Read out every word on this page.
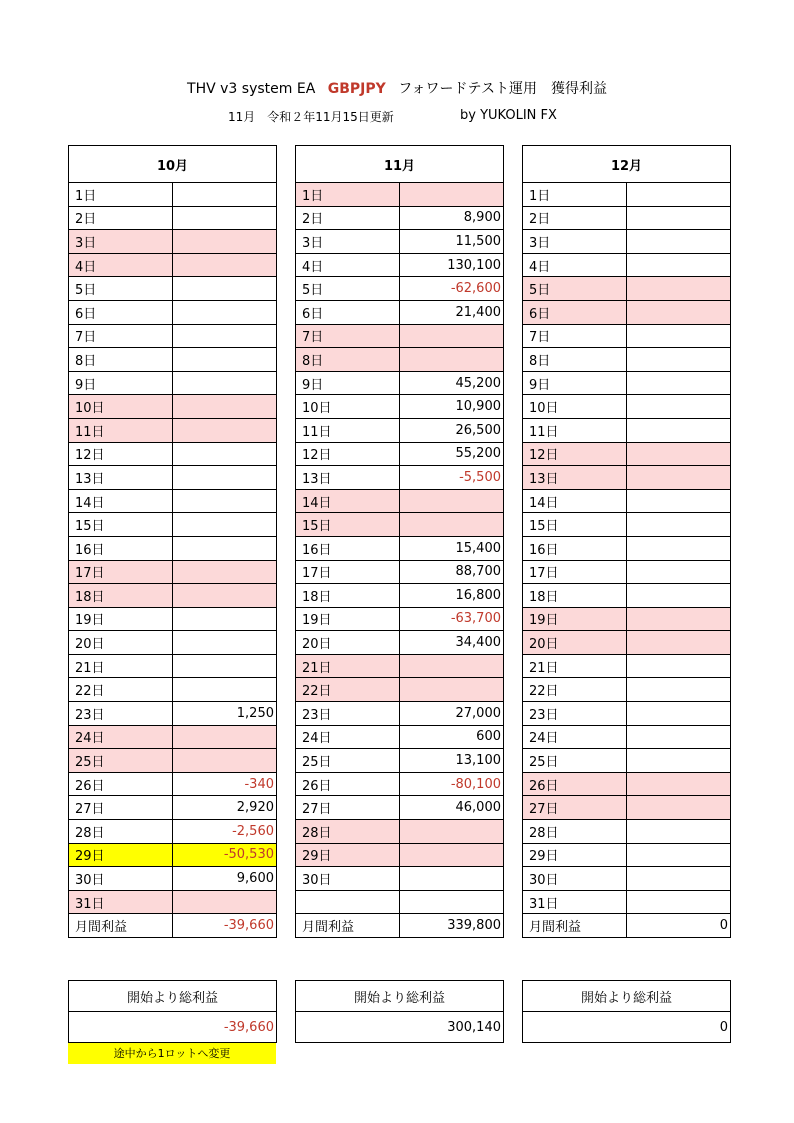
THV v3 system EA GBPJPY フォワードテスト運用　獲得利益
11月　令和２年11月15日更新	by YUKOLIN FX
10月	
1日	
2日	
3日	
4日	
5日	
6日	
7日	
8日	
9日	
10日	
11日	
12日	
13日	
14日	
15日	
16日	
17日	
18日	
19日	
20日	
21日	
22日	
23日	1,250
24日	
25日	
26日	-340
27日	2,920
28日	-2,560
29日	-50,530
30日	9,600
31日	
月間利益	-39,660
11月	
1日	
2日	8,900
3日	11,500
4日	130,100
5日	-62,600
6日	21,400
7日	
8日	
9日	45,200
10日	10,900
11日	26,500
12日	55,200
13日	-5,500
14日	
15日	
16日	15,400
17日	88,700
18日	16,800
19日	-63,700
20日	34,400
21日	
22日	
23日	27,000
24日	600
25日	13,100
26日	-80,100
27日	46,000
28日	
29日	
30日	

月間利益	339,800
12月	
1日	
2日	
3日	
4日	
5日	
6日	
7日	
8日	
9日	
10日	
11日	
12日	
13日	
14日	
15日	
16日	
17日	
18日	
19日	
20日	
21日	
22日	
23日	
24日	
25日	
26日	
27日	
28日	
29日	
30日	
31日	
月間利益	0
開始より総利益
-39,660
開始より総利益
300,140
開始より総利益
0
途中から1ロットへ変更
